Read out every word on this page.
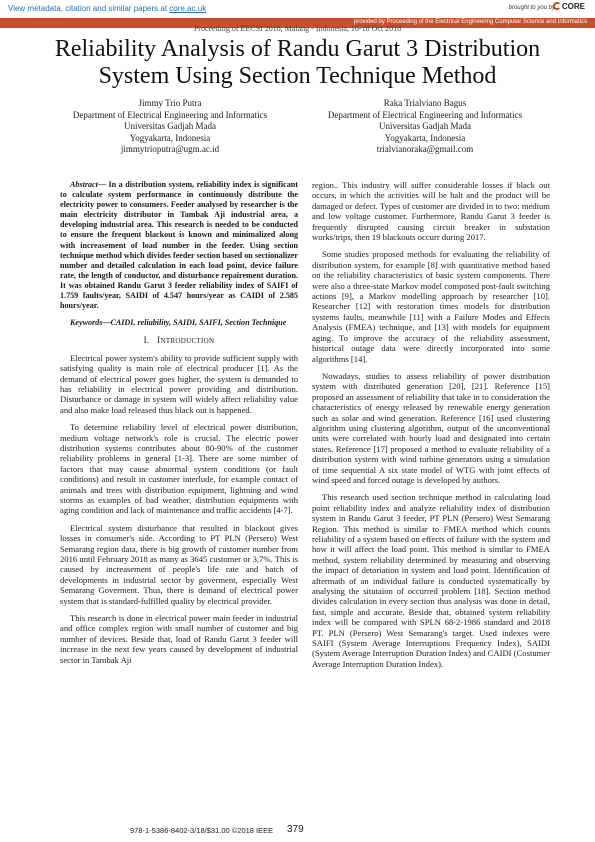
View metadata, citation and similar papers at core.ac.uk	brought to you by CORE
provided by Proceeding of the Electrical Engineering Computer Science and Informatics
Proceeding of EECSI 2018, Malang - Indonesia, 16-18 Oct 2018
Reliability Analysis of Randu Garut 3 Distribution System Using Section Technique Method
Jimmy Trio Putra
Department of Electrical Engineering and Informatics
Universitas Gadjah Mada
Yogyakarta, Indonesia
jimmytrioputra@ugm.ac.id
Raka Trialviano Bagus
Department of Electrical Engineering and Informatics
Universitas Gadjah Mada
Yogyakarta, Indonesia
trialvianoraka@gmail.com

Abstract— In a distribution system, reliability index is significant to calculate system performance in continuously distribute the electricity power to consumers. Feeder analysed by researcher is the main electricity distributor in Tambak Aji industrial area, a developing industrial area. This research is needed to be conducted to ensure the frequent blackout is known and minimalized along with increasement of load number in the feeder. Using section technique method which divides feeder section based on sectionalizer number and detailed calculation in each load point, device failure rate, the length of conductor, and disturbance repairement duration. It was obtained Randu Garut 3 feeder reliability index of SAIFI of 1.759 faults/year, SAIDI of 4.547 hours/year as CAIDI of 2.585 hours/year.

Keywords—CAIDI, reliability, SAIDI, SAIFI, Section Technique

I. INTRODUCTION

Electrical power system's ability to provide sufficient supply with satisfying quality is main role of electrical producer [1]. As the demand of electrical power goes higher, the system is demanded to has reliability in electrical power providing and distribution. Disturbance or damage in system will widely affect reliability value and also make load released thus black out is happened.

To determine reliability level of electrical power distribution, medium voltage network's role is crucial. The electric power distribution systems contributes about 80-90% of the customer reliability problems in general [1-3]. There are some number of factors that may cause abnormal system conditions (or fault conditions) and result in customer interlude, for example contact of animals and trees with distribution equipment, lightning and wind storms as examples of bad weather, distribution equipments with aging condition and lack of maintenance and traffic accidents [4-7].

Electrical system disturbance that resulted in blackout gives losses in consumer's side. According to PT PLN (Persero) West Semarang region data, there is big growth of customer number from 2016 until February 2018 as many as 3645 customer or 3,7%. This is caused by increasement of people's life rate and batch of developments in industrial sector by goverment, especially West Semarang Goverment. Thus, there is demand of electrical power system that is standard-fulfilled quality by electrical provider.

This research is done in electrical power main feeder in industrial and office complex region with small number of customer and big number of devices. Beside that, load of Randu Garut 3 feeder will increase in the next few years caused by development of industrial sector in Tambak Aji

region.. This industry will suffer considerable losses if black out occurs, in which the activities will be halt and the product will be damaged or defect. Types of customer are divided in to two: medium and low voltage customer. Furthermore, Randu Garut 3 feeder is frequently disrupted causing circuit breaker in substation works/trips, then 19 blackouts occurr during 2017.

Some studies proposed methods for evaluating the reliability of distribution system, for example [8] with quantitative method based on the reliability characteristics of basic system components. There were also a three-state Markov model composed post-fault switching actions [9], a Markov modelling approach by researcher [10]. Researcher [12] with restoration times models for distribution systems faults, meanwhile [11] with a Failure Modes and Effects Analysis (FMEA) technique, and [13] with models for equipment aging. To improve the accuracy of the reliability assessment, historical outage data were directly incorporated into some algorithms [14].

Nowadays, studies to assess reliability of power distribution system with distributed generation [20], [21]. Reference [15] proposed an assessment of reliability that take in to consideration the characteristics of energy released by renewable energy generation such as solar and wind generation. Reference [16] used clustering algorithm using clustering algorithm, output of the unconventional units were correlated with hourly load and designated into certain states. Reference [17] proposed a method to evaluate reliability of a distribution system with wind turbine generators using a simulation of time sequential A six state model of WTG with joint effects of wind speed and forced outage is developed by authors.

This research used section technique method in calculating load point reliability index and analyze reliability index of distribution system in Randu Garut 3 feeder, PT PLN (Persero) West Semarang Region. This method is similar to FMEA method which counts reliability of a system based on effects of failure with the system and how it will affect the load point. This method is similar to FMEA method, system reliability determined by measuring and observing the impact of detoriation in system and load point. Identification of aftermath of an individual failure is conducted systematically by analysing the situtaion of occurred problem [18]. Section method divides calculation in every section thus analysis was done in detail, fast, simple and accurate. Beside that, obtained system reliability index will be compared with SPLN 68-2-1986 standard and 2018 PT. PLN (Persero) West Semarang's target. Used indexes were SAIFI (System Average Interruptions Frequency Index), SAIDI (System Average Interruption Duration Index) and CAIDI (Costumer Average Interruption Duration Index).

978-1-5386-8402-3/18/$31.00 ©2018 IEEE 379
